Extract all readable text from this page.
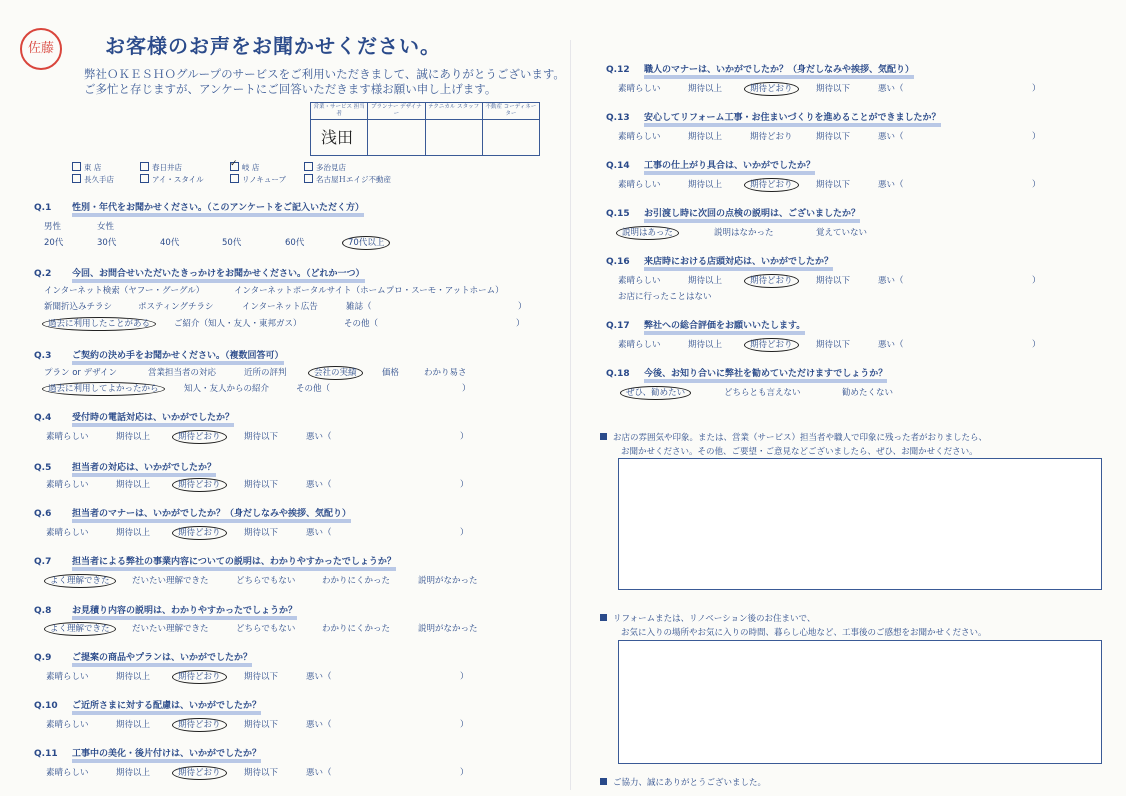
佐藤	お客様のお声をお聞かせください。
弊社ＯＫＥＳＨＯグループのサービスをご利用いただきまして、誠にありがとうございます。
ご多忙と存じますが、アンケートにご回答いただきます様お願い申し上げます。
営業・サービス 担当者
浅田
プランナー デザイナー
テクニカル スタッフ	不動産 コーディネーター
東 店	春日井店
✓	岐 店	多治見店
長久手店	アイ・スタイル	リノキューブ	名古屋Ｈエイジ不動産
Q.1 性別・年代をお聞かせください。（このアンケートをご記入いただく方）
男性	女性
20代	30代	40代	50代	60代	70代以上
Q.2 今回、お問合せいただいたきっかけをお聞かせください。（どれか一つ）
インターネット検索（ヤフー・グーグル）	インターネットポータルサイト（ホームプロ・スーモ・アットホーム）
新聞折込みチラシ	ポスティングチラシ	インターネット広告	雑誌（	）
過去に利用したことがある	ご紹介（知人・友人・東邦ガス）	その他（	）
Q.3 ご契約の決め手をお聞かせください。（複数回答可）
プラン or デザイン	営業担当者の対応	近所の評判	会社の実績	価格	わかり易さ
過去に利用してよかったから	知人・友人からの紹介	その他（	）
Q.4 受付時の電話対応は、いかがでしたか？
素晴らしい	期待以上	期待どおり	期待以下	悪い（	）
Q.5 担当者の対応は、いかがでしたか？
素晴らしい	期待以上	期待どおり	期待以下	悪い（	）
Q.6 担当者のマナーは、いかがでしたか？（身だしなみや挨拶、気配り）
素晴らしい	期待以上	期待どおり	期待以下	悪い（	）
Q.7 担当者による弊社の事業内容についての説明は、わかりやすかったでしょうか？
よく理解できた	だいたい理解できた	どちらでもない	わかりにくかった	説明がなかった
Q.8 お見積り内容の説明は、わかりやすかったでしょうか？
よく理解できた	だいたい理解できた	どちらでもない	わかりにくかった	説明がなかった
Q.9 ご提案の商品やプランは、いかがでしたか？
素晴らしい	期待以上	期待どおり	期待以下	悪い（	）
Q.10 ご近所さまに対する配慮は、いかがでしたか？
素晴らしい	期待以上	期待どおり	期待以下	悪い（	）
Q.11 工事中の美化・後片付けは、いかがでしたか？
素晴らしい	期待以上	期待どおり	期待以下	悪い（	）
Q.12 職人のマナーは、いかがでしたか？（身だしなみや挨拶、気配り）
素晴らしい	期待以上	期待どおり	期待以下	悪い（	）
Q.13 安心してリフォーム工事・お住まいづくりを進めることができましたか？
素晴らしい	期待以上	期待どおり	期待以下	悪い（	）
Q.14 工事の仕上がり具合は、いかがでしたか？
素晴らしい	期待以上	期待どおり	期待以下	悪い（	）
Q.15 お引渡し時に次回の点検の説明は、ございましたか？
説明はあった	説明はなかった	覚えていない
Q.16 来店時における店頭対応は、いかがでしたか？
素晴らしい	期待以上	期待どおり	期待以下	悪い（	）
お店に行ったことはない
Q.17 弊社への総合評価をお願いいたします。
素晴らしい	期待以上	期待どおり	期待以下	悪い（	）
Q.18 今後、お知り合いに弊社を勧めていただけますでしょうか？
ぜひ、勧めたい	どちらとも言えない	勧めたくない
お店の雰囲気や印象。または、営業（サービス）担当者や職人で印象に残った者がおりましたら、
お聞かせください。その他、ご要望・ご意見などございましたら、ぜひ、お聞かせください。
リフォームまたは、リノベーション後のお住まいで、
お気に入りの場所やお気に入りの時間、暮らし心地など、工事後のご感想をお聞かせください。
ご協力、誠にありがとうございました。
